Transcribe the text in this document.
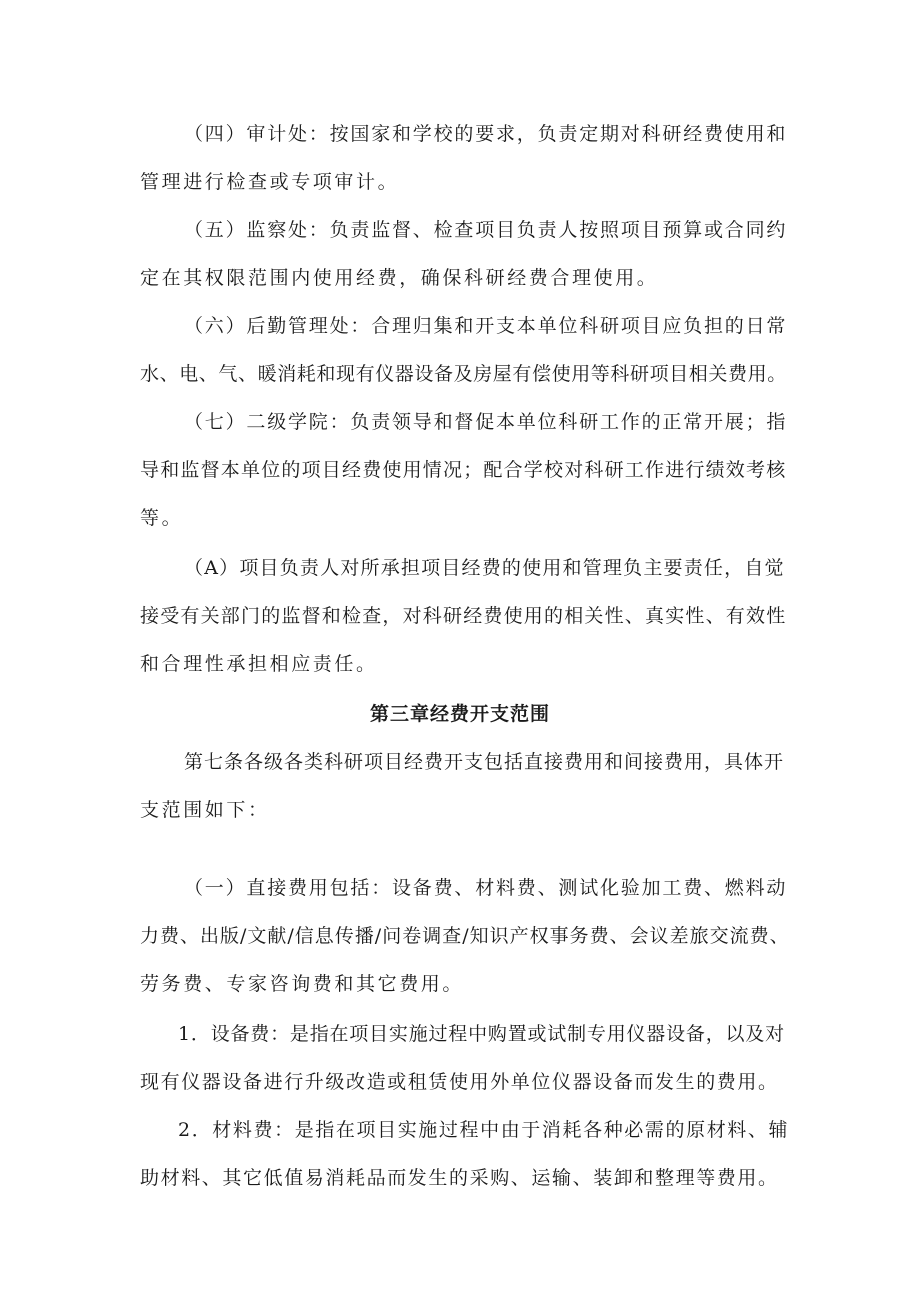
（四）审计处：按国家和学校的要求，负责定期对科研经费使用和
管理进行检查或专项审计。
（五）监察处：负责监督、检查项目负责人按照项目预算或合同约
定在其权限范围内使用经费，确保科研经费合理使用。
（六）后勤管理处：合理归集和开支本单位科研项目应负担的日常
水、电、气、暖消耗和现有仪器设备及房屋有偿使用等科研项目相关费用。
（七）二级学院：负责领导和督促本单位科研工作的正常开展；指
导和监督本单位的项目经费使用情况；配合学校对科研工作进行绩效考核
等。
（A）项目负责人对所承担项目经费的使用和管理负主要责任，自觉
接受有关部门的监督和检查，对科研经费使用的相关性、真实性、有效性
和合理性承担相应责任。
第三章经费开支范围
第七条各级各类科研项目经费开支包括直接费用和间接费用，具体开
支范围如下：
（一）直接费用包括：设备费、材料费、测试化验加工费、燃料动
力费、出版/文献/信息传播/问卷调查/知识产权事务费、会议差旅交流费、
劳务费、专家咨询费和其它费用。
1．设备费：是指在项目实施过程中购置或试制专用仪器设备，以及对
现有仪器设备进行升级改造或租赁使用外单位仪器设备而发生的费用。
2．材料费：是指在项目实施过程中由于消耗各种必需的原材料、辅
助材料、其它低值易消耗品而发生的采购、运输、装卸和整理等费用。
